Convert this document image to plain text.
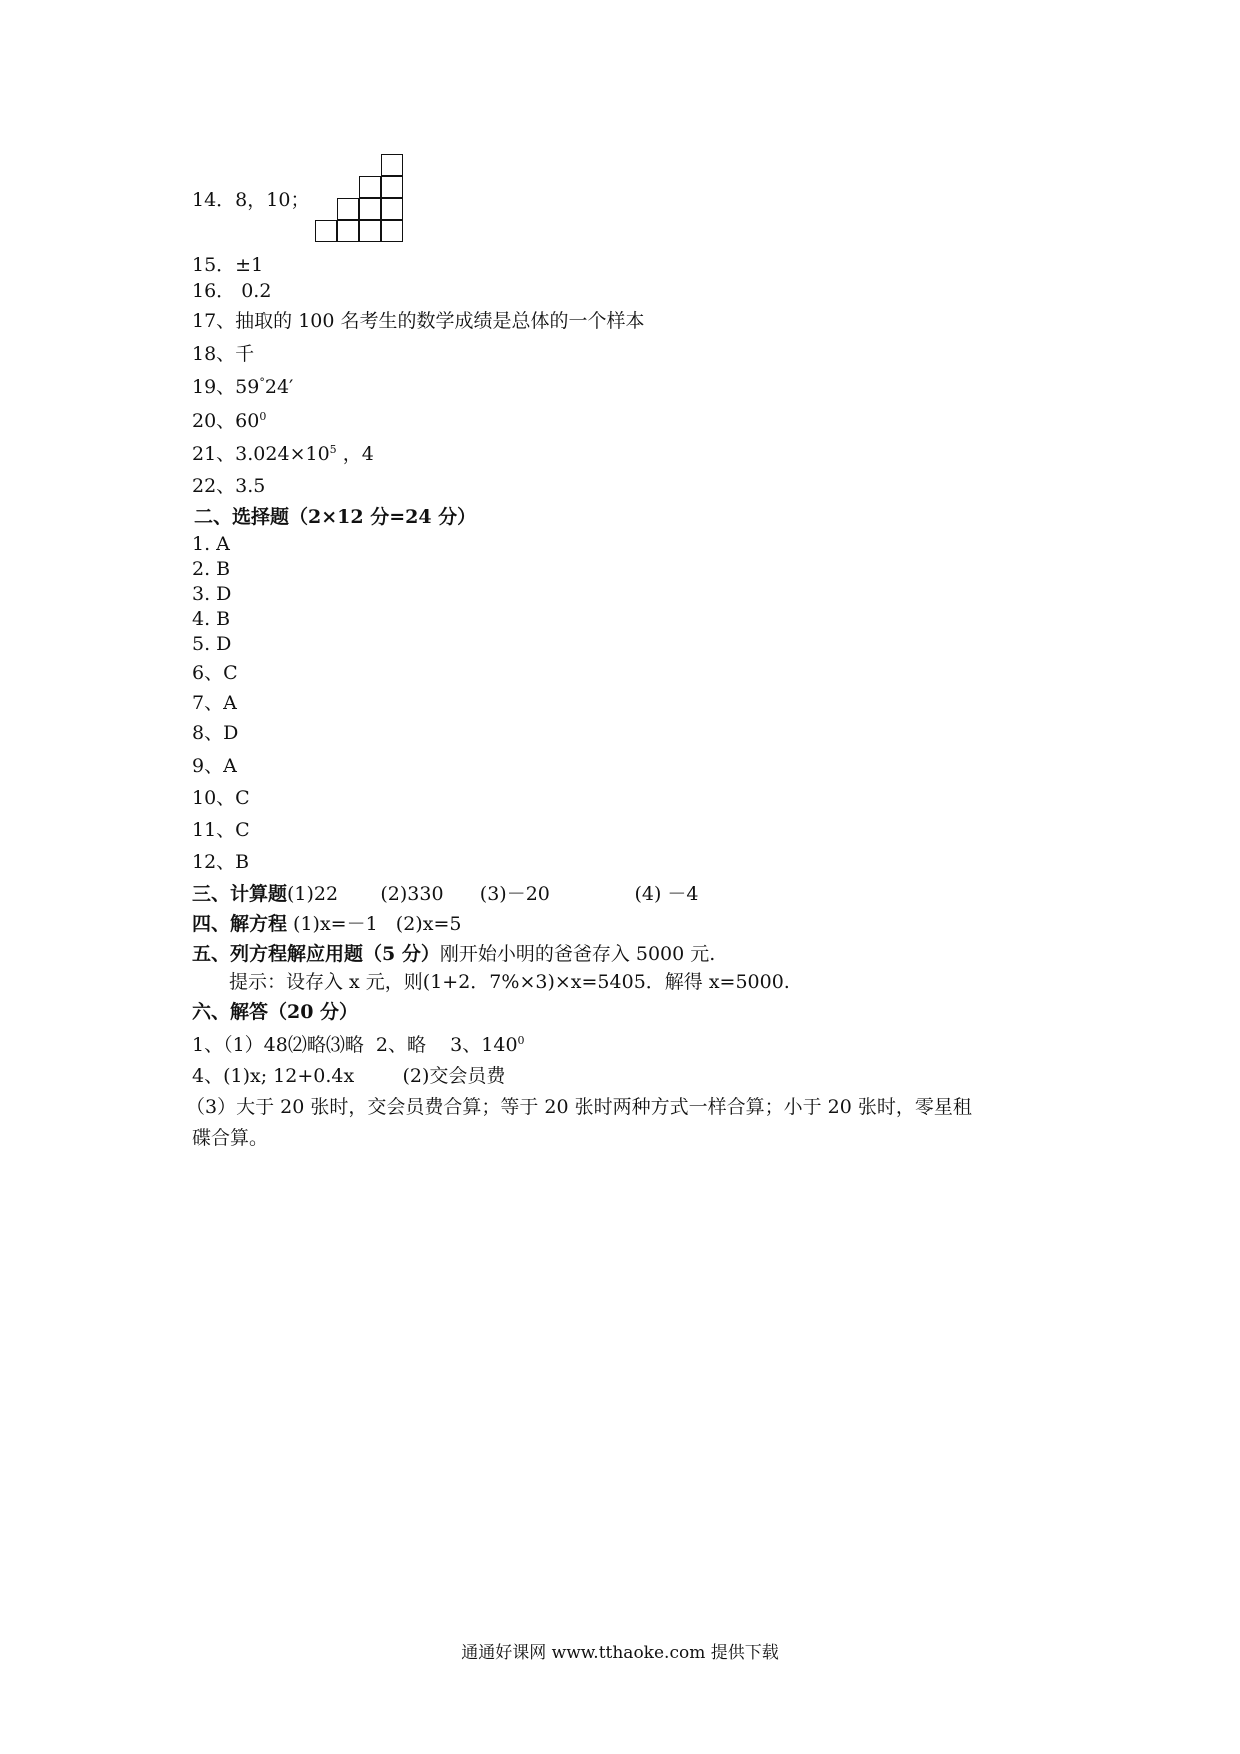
14．8，10；
15．±1
16． 0.2
17、抽取的 100 名考生的数学成绩是总体的一个样本
18、千
19、59°24′
20、$60^0$
21、$3.024\times 10^5$ ，4
22、3.5
二、选择题（2×12 分=24 分）
1. A
2. B
3. D
4. B
5. D
6、C
7、A
8、D
9、A
10、C
11、C
12、B
三、计算题(1)22       (2)330      (3)－20              (4) －4
四、解方程 (1)x=－1   (2)x=5
五、列方程解应用题（5 分）刚开始小明的爸爸存入 5000 元.
提示：设存入 x 元，则(1+2．7%×3)×x=5405．解得 x=5000.
六、解答（20 分）
1、（1）48⑵略⑶略  2、略    3、$140^0$
4、(1)x; 12+0.4x        (2)交会员费
（3）大于 20 张时，交会员费合算；等于 20 张时两种方式一样合算；小于 20 张时，零星租
碟合算。
通通好课网 www.tthaoke.com 提供下载
